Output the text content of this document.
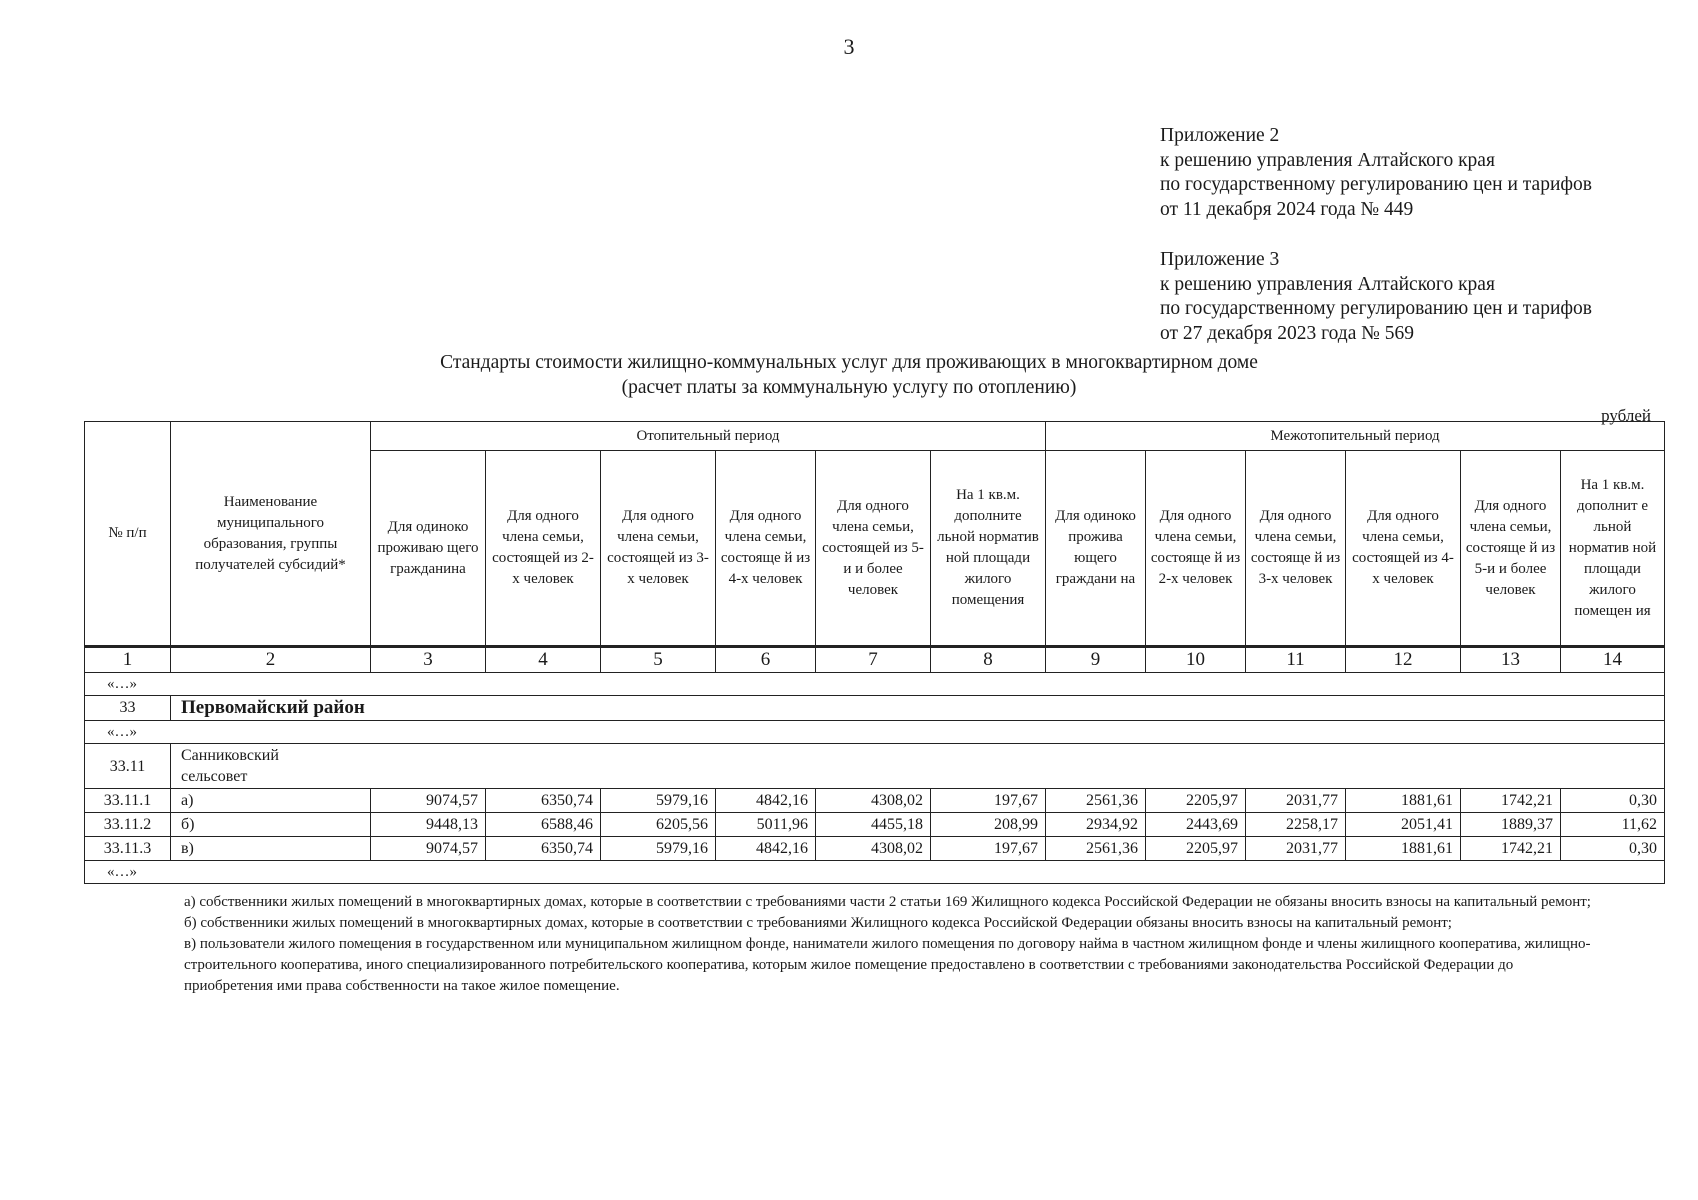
3
Приложение 2
к решению управления Алтайского края
по государственному регулированию цен и тарифов
от 11 декабря 2024 года № 449
Приложение 3
к решению управления Алтайского края
по государственному регулированию цен и тарифов
от 27 декабря 2023 года № 569
Стандарты стоимости жилищно-коммунальных услуг для проживающих в многоквартирном доме
(расчет платы за коммунальную услугу по отоплению)
рублей
№ п/п	Наименование муниципального образования, группы получателей субсидий*	Отопительный период						Межотопительный период					
		Для одиноко проживаю щего гражданина	Для одного члена семьи, состоящей из 2-х человек	Для одного члена семьи, состоящей из 3-х человек	Для одного члена семьи, состояще й из 4-х человек	Для одного члена семьи, состоящей из 5-и и более человек	На 1 кв.м. дополните льной норматив ной площади жилого помещения	Для одиноко прожива ющего граждани на	Для одного члена семьи, состояще й из 2-х человек	Для одного члена семьи, состояще й из 3-х человек	Для одного члена семьи, состоящей из 4-х человек	Для одного члена семьи, состояще й из 5-и и более человек	На 1 кв.м. дополнит е льной норматив ной площади жилого помещен ия
1	2	3	4	5	6	7	8	9	10	11	12	13	14
«…»													
33	Первомайский район												
«…»													
33.11	Санниковский сельсовет												

33.11.1	а)	9074,57	6350,74	5979,16	4842,16	4308,02	197,67	2561,36	2205,97	2031,77	1881,61	1742,21	0,30
33.11.2	б)	9448,13	6588,46	6205,56	5011,96	4455,18	208,99	2934,92	2443,69	2258,17	2051,41	1889,37	11,62
33.11.3	в)	9074,57	6350,74	5979,16	4842,16	4308,02	197,67	2561,36	2205,97	2031,77	1881,61	1742,21	0,30
«…»													

а) собственники жилых помещений в многоквартирных домах, которые в соответствии с требованиями части 2 статьи 169 Жилищного кодекса Российской Федерации не обязаны вносить взносы на капитальный ремонт;

б) собственники жилых помещений в многоквартирных домах, которые в соответствии с требованиями Жилищного кодекса Российской Федерации обязаны вносить взносы на капитальный ремонт;

в) пользователи жилого помещения в государственном или муниципальном жилищном фонде, наниматели жилого помещения по договору найма в частном жилищном фонде и члены жилищного кооператива, жилищно-строительного кооператива, иного специализированного потребительского кооператива, которым жилое помещение предоставлено в соответствии с требованиями законодательства Российской Федерации до приобретения ими права собственности на такое жилое помещение.
